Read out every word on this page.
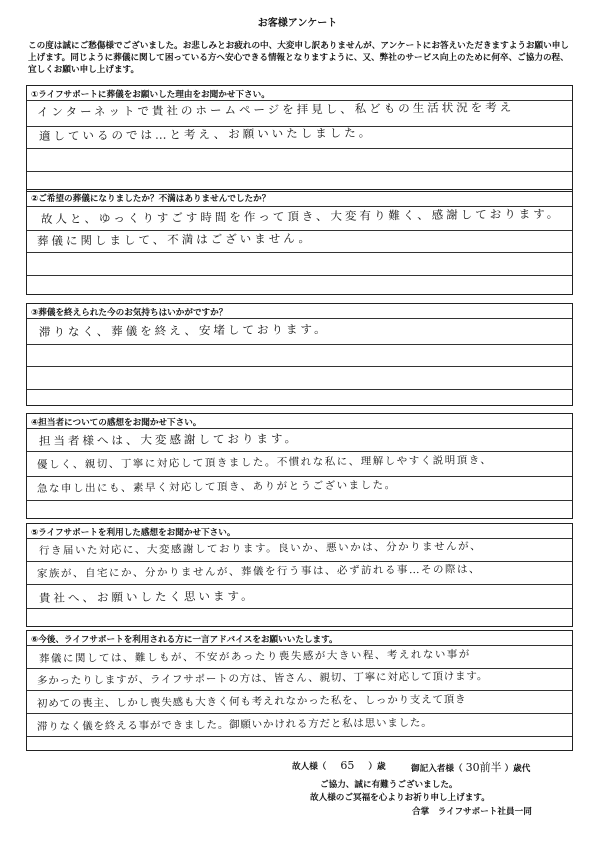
お客様アンケート
この度は誠にご愁傷様でございました。お悲しみとお疲れの中、大変申し訳ありませんが、アンケートにお答えいただきますようお願い申し上げます。同じように葬儀に関して困っている方へ安心できる情報となりますように、又、弊社のサービス向上のために何卒、ご協力の程、宜しくお願い申し上げます。
①ライフサポートに葬儀をお願いした理由をお聞かせ下さい。
インターネットで貴社のホームページを拝見し、私どもの生活状況を考え
適しているのでは…と考え、お願いいたしました。
②ご希望の葬儀になりましたか？不満はありませんでしたか？
故人と、ゆっくりすごす時間を作って頂き、大変有り難く、感謝しております。
葬儀に関しまして、不満はございません。
③葬儀を終えられた今のお気持ちはいかがですか？
滞りなく、葬儀を終え、安堵しております。
④担当者についての感想をお聞かせ下さい。
担当者様へは、大変感謝しております。
優しく、親切、丁寧に対応して頂きました。不慣れな私に、理解しやすく説明頂き、
急な申し出にも、素早く対応して頂き、ありがとうございました。
⑤ライフサポートを利用した感想をお聞かせ下さい。
行き届いた対応に、大変感謝しております。良いか、悪いかは、分かりませんが、
家族が、自宅にか、分かりませんが、葬儀を行う事は、必ず訪れる事…その際は、
貴社へ、お願いしたく思います。
⑥今後、ライフサポートを利用される方に一言アドバイスをお願いいたします。
葬儀に関しては、難しもが、不安があったり喪失感が大きい程、考えれない事が
多かったりしますが、ライフサポートの方は、皆さん、親切、丁寧に対応して頂けます。
初めての喪主、しかし喪失感も大きく何も考えれなかった私を、しっかり支えて頂き
滞りなく儀を終える事ができました。御願いかけれる方だと私は思いました。
故人様（ 65 ）歳	御記入者様（ 30前半 ）歳代
ご協力、誠に有難うございました。
故人様のご冥福を心よりお祈り申し上げます。
合掌　ライフサポート社員一同
